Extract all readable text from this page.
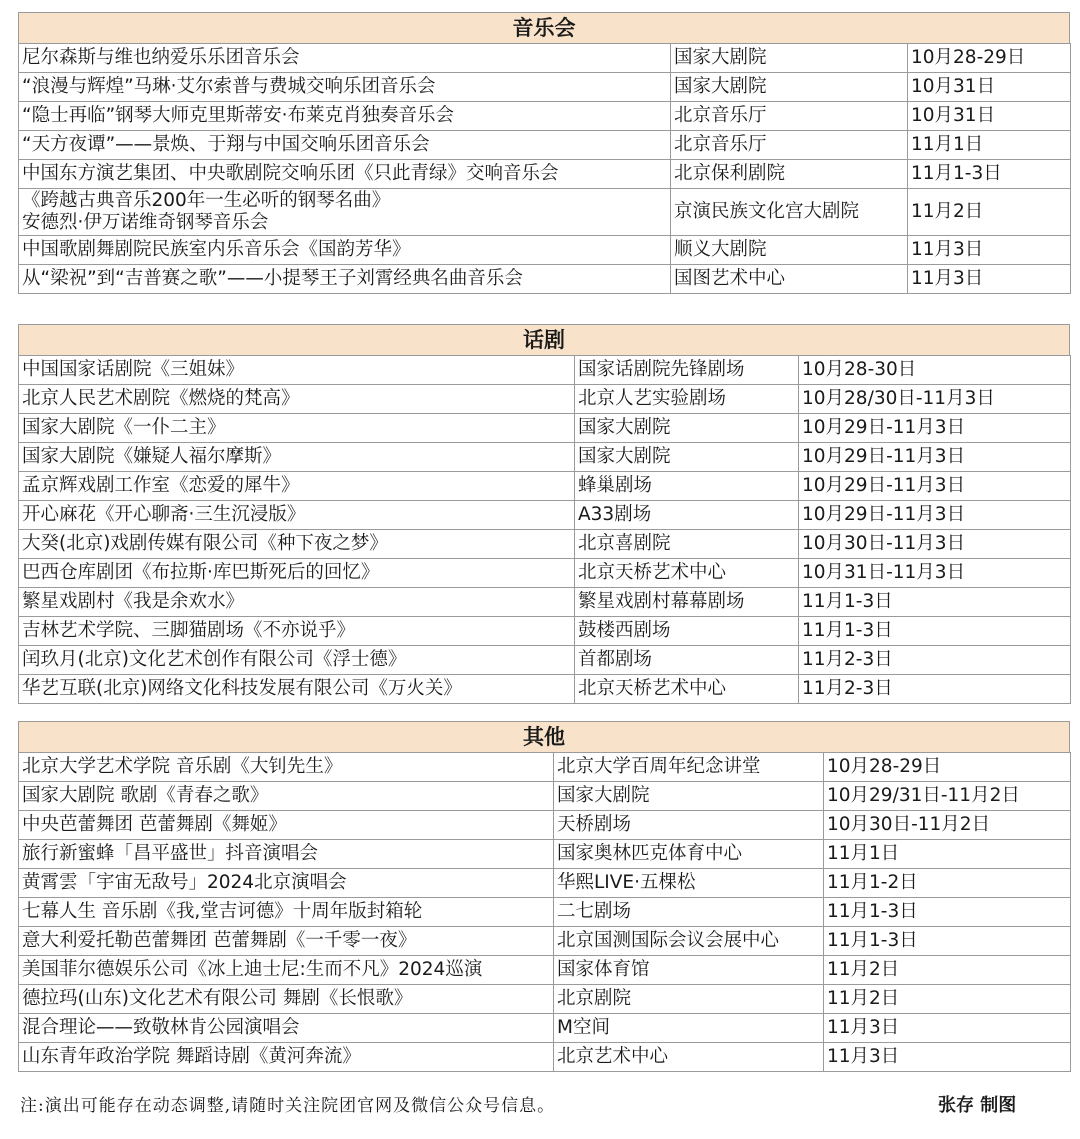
音乐会
尼尔森斯与维也纳爱乐乐团音乐会	国家大剧院	10月28-29日
“浪漫与辉煌”马琳·艾尔索普与费城交响乐团音乐会	国家大剧院	10月31日
“隐士再临”钢琴大师克里斯蒂安·布莱克肖独奏音乐会	北京音乐厅	10月31日
“天方夜谭”——景焕、于翔与中国交响乐团音乐会	北京音乐厅	11月1日
中国东方演艺集团、中央歌剧院交响乐团《只此青绿》交响音乐会	北京保利剧院	11月1-3日

《跨越古典音乐200年一生必听的钢琴名曲》
安德烈·伊万诺维奇钢琴音乐会	京演民族文化宫大剧院	11月2日
中国歌剧舞剧院民族室内乐音乐会《国韵芳华》	顺义大剧院	11月3日
从“梁祝”到“吉普赛之歌”——小提琴王子刘霄经典名曲音乐会	国图艺术中心	11月3日
话剧
中国国家话剧院《三姐妹》	国家话剧院先锋剧场	10月28-30日
北京人民艺术剧院《燃烧的梵高》	北京人艺实验剧场	10月28/30日-11月3日
国家大剧院《一仆二主》	国家大剧院	10月29日-11月3日
国家大剧院《嫌疑人福尔摩斯》	国家大剧院	10月29日-11月3日
孟京辉戏剧工作室《恋爱的犀牛》	蜂巢剧场	10月29日-11月3日
开心麻花《开心聊斋·三生沉浸版》	A33剧场	10月29日-11月3日
大癸(北京)戏剧传媒有限公司《种下夜之梦》	北京喜剧院	10月30日-11月3日
巴西仓库剧团《布拉斯·库巴斯死后的回忆》	北京天桥艺术中心	10月31日-11月3日
繁星戏剧村《我是余欢水》	繁星戏剧村幕幕剧场	11月1-3日
吉林艺术学院、三脚猫剧场《不亦说乎》	鼓楼西剧场	11月1-3日
闰玖月(北京)文化艺术创作有限公司《浮士德》	首都剧场	11月2-3日
华艺互联(北京)网络文化科技发展有限公司《万火关》	北京天桥艺术中心	11月2-3日
其他
北京大学艺术学院 音乐剧《大钊先生》	北京大学百周年纪念讲堂	10月28-29日
国家大剧院 歌剧《青春之歌》	国家大剧院	10月29/31日-11月2日
中央芭蕾舞团 芭蕾舞剧《舞姬》	天桥剧场	10月30日-11月2日
旅行新蜜蜂「昌平盛世」抖音演唱会	国家奥林匹克体育中心	11月1日
黄霄雲「宇宙无敌号」2024北京演唱会	华熙LIVE·五棵松	11月1-2日
七幕人生 音乐剧《我,堂吉诃德》十周年版封箱轮	二七剧场	11月1-3日
意大利爱托勒芭蕾舞团 芭蕾舞剧《一千零一夜》	北京国测国际会议会展中心	11月1-3日
美国菲尔德娱乐公司《冰上迪士尼:生而不凡》2024巡演	国家体育馆	11月2日
德拉玛(山东)文化艺术有限公司 舞剧《长恨歌》	北京剧院	11月2日
混合理论——致敬林肯公园演唱会	M空间	11月3日
山东青年政治学院 舞蹈诗剧《黄河奔流》	北京艺术中心	11月3日
注:演出可能存在动态调整,请随时关注院团官网及微信公众号信息。	张存 制图
